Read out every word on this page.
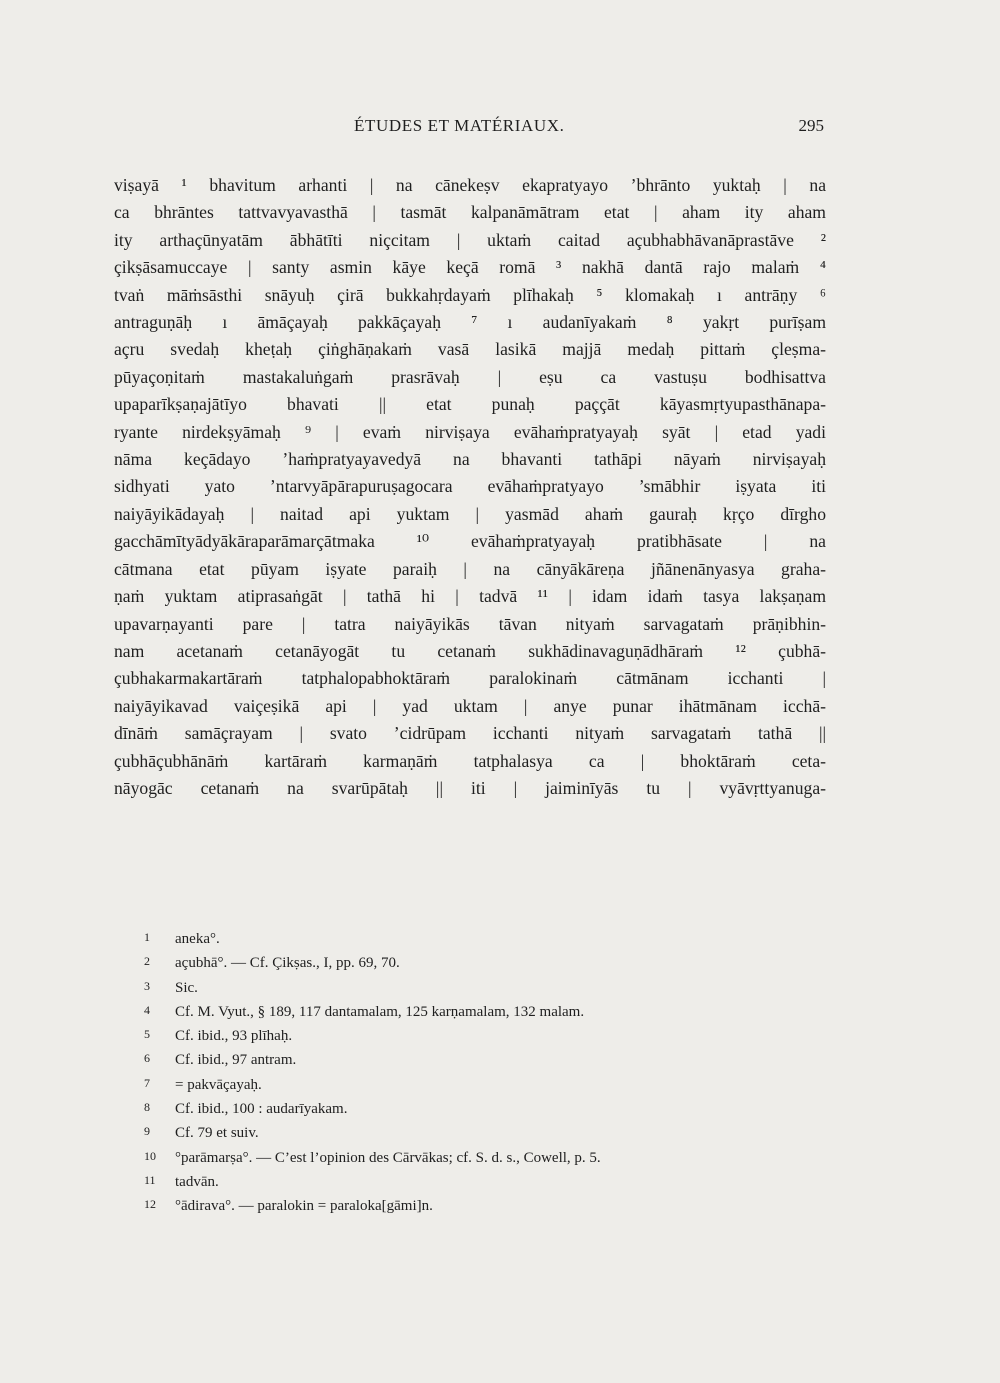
ÉTUDES ET MATÉRIAUX.	295
viṣayā ¹ bhavitum arhanti | na cānekeṣv ekapratyayo ’bhrānto yuktaḥ | na
ca bhrāntes tattvavyavasthā | tasmāt kalpanāmātram etat | aham ity aham
ity arthaçūnyatām ābhātīti niçcitam | uktaṁ caitad açubhabhāvanāprastāve ²
çikṣāsamuccaye | santy asmin kāye keçā romā ³ nakhā dantā rajo malaṁ ⁴
tvaṅ māṁsāsthi snāyuḥ çirā bukkahṛdayaṁ plīhakaḥ ⁵ klomakaḥ ı antrāṇy ⁶
antraguṇāḥ ı āmāçayaḥ pakkāçayaḥ ⁷ ı audanīyakaṁ ⁸ yakṛt purīṣam
açru svedaḥ kheṭaḥ çiṅghāṇakaṁ vasā lasikā majjā medaḥ pittaṁ çleṣma-
pūyaçoṇitaṁ mastakaluṅgaṁ prasrāvaḥ | eṣu ca vastuṣu bodhisattva
upaparīkṣaṇajātīyo bhavati || etat punaḥ paççāt kāyasmṛtyupasthānapa-
ryante nirdekṣyāmaḥ ⁹ | evaṁ nirviṣaya evāhaṁpratyayaḥ syāt | etad yadi
nāma keçādayo ’haṁpratyayavedyā na bhavanti tathāpi nāyaṁ nirviṣayaḥ
sidhyati yato ’ntarvyāpārapuruṣagocara evāhaṁpratyayo ’smābhir iṣyata iti
naiyāyikādayaḥ | naitad api yuktam | yasmād ahaṁ gauraḥ kṛço dīrgho
gacchāmītyādyākāraparāmarçātmaka ¹⁰ evāhaṁpratyayaḥ pratibhāsate | na
cātmana etat pūyam iṣyate paraiḥ | na cānyākāreṇa jñānenānyasya graha-
ṇaṁ yuktam atiprasaṅgāt | tathā hi | tadvā ¹¹ | idam idaṁ tasya lakṣaṇam
upavarṇayanti pare | tatra naiyāyikās tāvan nityaṁ sarvagataṁ prāṇibhin-
nam acetanaṁ cetanāyogāt tu cetanaṁ sukhādinavaguṇādhāraṁ ¹² çubhā-
çubhakarmakartāraṁ tatphalopabhoktāraṁ paralokinaṁ cātmānam icchanti |
naiyāyikavad vaiçeṣikā api | yad uktam | anye punar ihātmānam icchā-
dīnāṁ samāçrayam | svato ’cidrūpam icchanti nityaṁ sarvagataṁ tathā ||
çubhāçubhānāṁ kartāraṁ karmaṇāṁ tatphalasya ca | bhoktāraṁ ceta-
nāyogāc cetanaṁ na svarūpātaḥ || iti | jaiminīyās tu | vyāvṛttyanuga-
1 aneka°.
2 açubhā°. — Cf. Çikṣas., I, pp. 69, 70.
3 Sic.
4 Cf. M. Vyut., § 189, 117 dantamalam, 125 karṇamalam, 132 malam.
5 Cf. ibid., 93 plīhaḥ.
6 Cf. ibid., 97 antram.
7 = pakvāçayaḥ.
8 Cf. ibid., 100 : audarīyakam.
9 Cf. 79 et suiv.
10 °parāmarṣa°. — C’est l’opinion des Cārvākas; cf. S. d. s., Cowell, p. 5.
11 tadvān.
12 °ādirava°. — paralokin = paraloka[gāmi]n.
